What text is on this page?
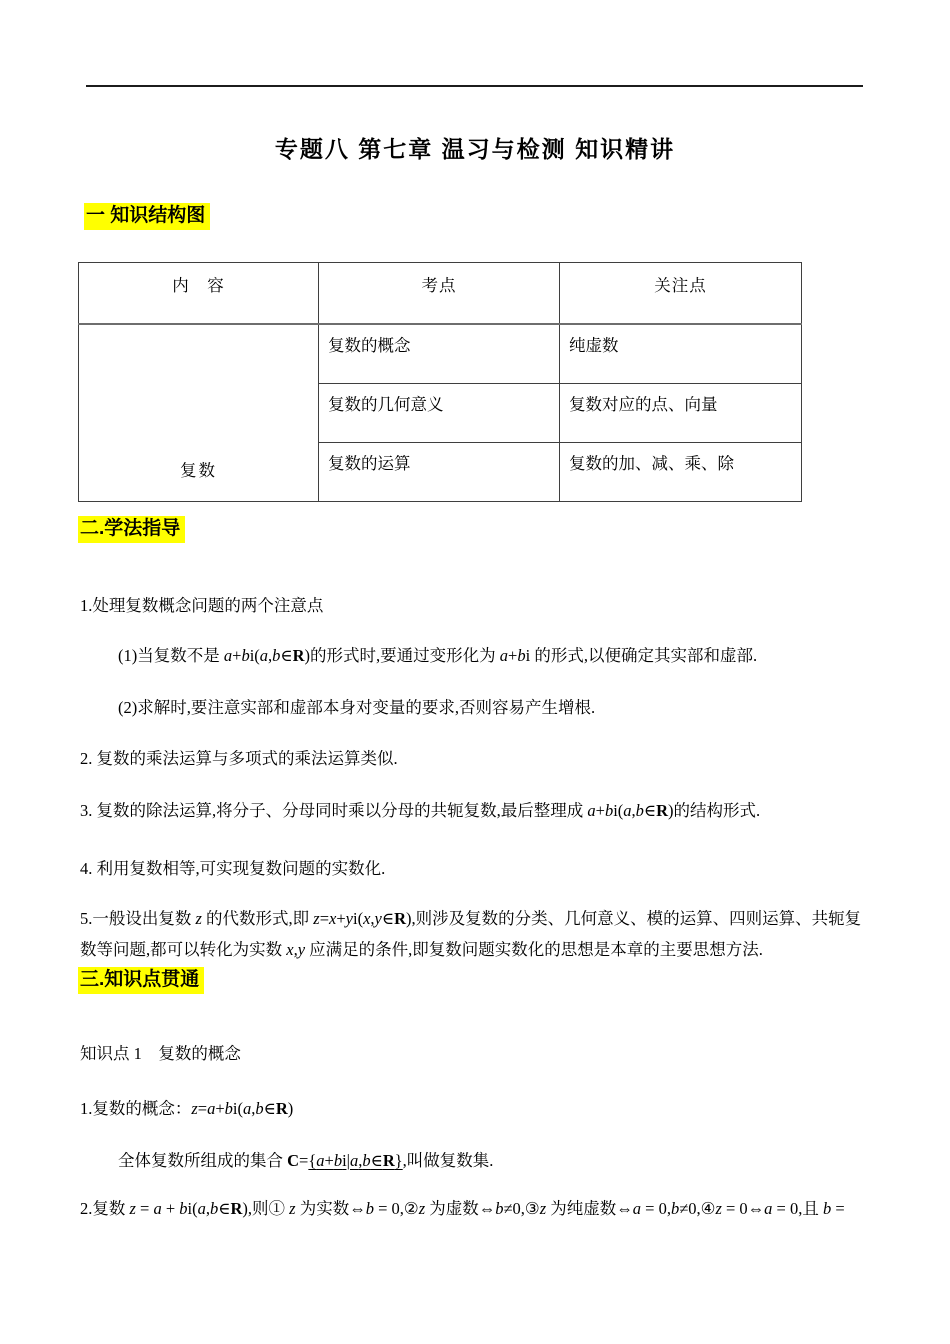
专题八 第七章 温习与检测 知识精讲
一 知识结构图
内　容	考点	关注点
复数	复数的概念	纯虚数
	复数的几何意义	复数对应的点、向量
	复数的运算	复数的加、减、乘、除
二.学法指导

1.处理复数概念问题的两个注意点

(1)当复数不是 a+bi(a,b∈R)的形式时,要通过变形化为 a+bi 的形式,以便确定其实部和虚部.

(2)求解时,要注意实部和虚部本身对变量的要求,否则容易产生增根.

2. 复数的乘法运算与多项式的乘法运算类似.

3. 复数的除法运算,将分子、分母同时乘以分母的共轭复数,最后整理成 a+bi(a,b∈R)的结构形式.

4. 利用复数相等,可实现复数问题的实数化.

5.一般设出复数 z 的代数形式,即 z=x+yi(x,y∈R),则涉及复数的分类、几何意义、模的运算、四则运算、共轭复数等问题,都可以转化为实数 x,y 应满足的条件,即复数问题实数化的思想是本章的主要思想方法.

三.知识点贯通

知识点 1　复数的概念

1.复数的概念：z=a+bi(a,b∈R)

全体复数所组成的集合 C={a+bi|a,b∈R},叫做复数集.

2.复数 z = a + bi(a,b∈R),则① z 为实数⇔b = 0,②z 为虚数⇔b≠0,③z 为纯虚数⇔a = 0,b≠0,④z = 0⇔a = 0,且 b =
